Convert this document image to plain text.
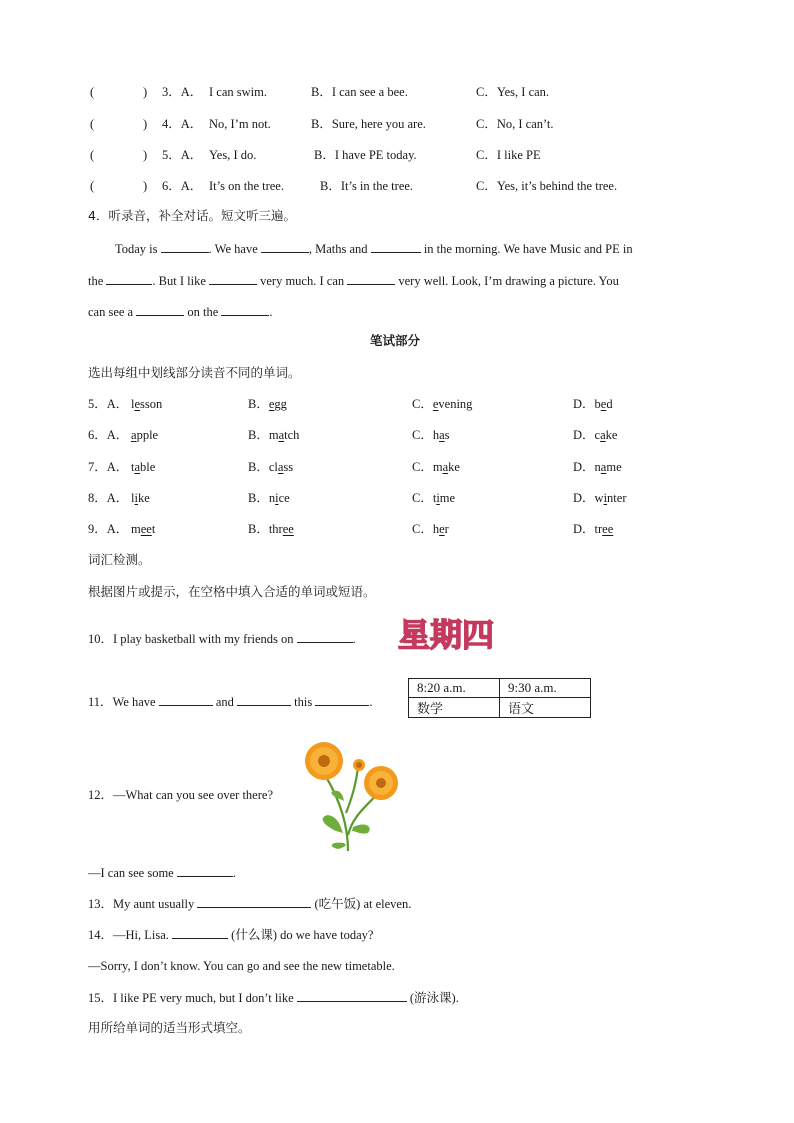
(	) 3．A． I can swim.	B．I can see a bee.	C．Yes, I can.
(	) 4．A． No, I’m not.	B．Sure, here you are.	C．No, I can’t.
(	) 5．A． Yes, I do.	B．I have PE today.	C．I like PE
(	) 6．A． It’s on the tree.	B．It’s in the tree.	C．Yes, it’s behind the tree.
4．听录音，补全对话。短文听三遍。
Today is	. We have	, Maths and	in the morning. We have Music and PE in
the	. But I like	very much. I can	very well. Look, I’m drawing a picture. You
can see a	on the	.
笔试部分
选出每组中划线部分读音不同的单词。
5．A． lesson	B．egg	C．evening	D．bed
6．A． apple	B．match	C．has	D．cake
7．A． table	B．class	C．make	D．name
8．A． like	B．nice	C．time	D．winter
9．A． meet	B．three	C．her	D．tree
词汇检测。
根据图片或提示，在空格中填入合适的单词或短语。
10．I play basketball with my friends on	. 星期四
11．We have	and	this	.
8:20 a.m.	9:30 a.m.
数学	语文
12．—What can you see over there?
—I can see some	.
13．My aunt usually	(吃午饭) at eleven.
14．—Hi, Lisa.	(什么课) do we have today?
—Sorry, I don’t know. You can go and see the new timetable.
15．I like PE very much, but I don’t like	(游泳课).
用所给单词的适当形式填空。
